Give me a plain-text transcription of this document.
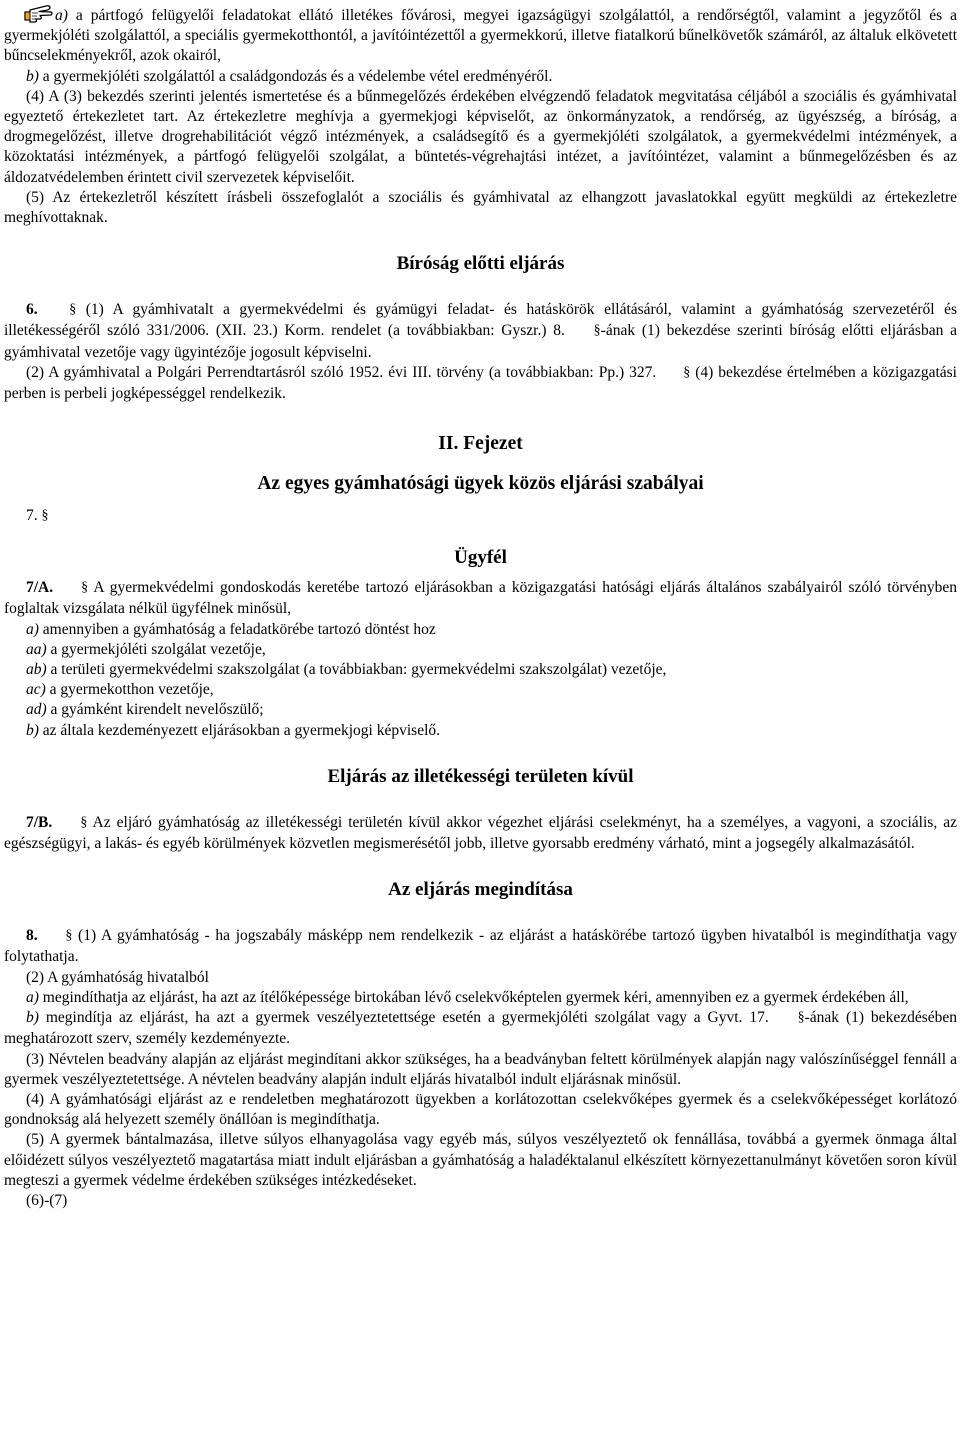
a) a pártfogó felügyelői feladatokat ellátó illetékes fővárosi, megyei igazságügyi szolgálattól, a rendőrségtől, valamint a jegyzőtől és a gyermekjóléti szolgálattól, a speciális gyermekotthontól, a javítóintézettől a gyermekkorú, illetve fiatalkorú bűnelkövetők számáról, az általuk elkövetett bűncselekményekről, azok okairól,

b) a gyermekjóléti szolgálattól a családgondozás és a védelembe vétel eredményéről.

(4) A (3) bekezdés szerinti jelentés ismertetése és a bűnmegelőzés érdekében elvégzendő feladatok megvitatása céljából a szociális és gyámhivatal egyeztető értekezletet tart. Az értekezletre meghívja a gyermekjogi képviselőt, az önkormányzatok, a rendőrség, az ügyészség, a bíróság, a drogmegelőzést, illetve drogrehabilitációt végző intézmények, a családsegítő és a gyermekjóléti szolgálatok, a gyermekvédelmi intézmények, a közoktatási intézmények, a pártfogó felügyelői szolgálat, a büntetés-végrehajtási intézet, a javítóintézet, valamint a bűnmegelőzésben és az áldozatvédelemben érintett civil szervezetek képviselőit.

(5) Az értekezletről készített írásbeli összefoglalót a szociális és gyámhivatal az elhangzott javaslatokkal együtt megküldi az értekezletre meghívottaknak.

Bíróság előtti eljárás

6. § (1) A gyámhivatalt a gyermekvédelmi és gyámügyi feladat- és hatáskörök ellátásáról, valamint a gyámhatóság szervezetéről és illetékességéről szóló 331/2006. (XII. 23.) Korm. rendelet (a továbbiakban: Gyszr.) 8. §-ának (1) bekezdése szerinti bíróság előtti eljárásban a gyámhivatal vezetője vagy ügyintézője jogosult képviselni.

(2) A gyámhivatal a Polgári Perrendtartásról szóló 1952. évi III. törvény (a továbbiakban: Pp.) 327. § (4) bekezdése értelmében a közigazgatási perben is perbeli jogképességgel rendelkezik.

II. Fejezet
Az egyes gyámhatósági ügyek közös eljárási szabályai
7. §
Ügyfél

7/A. § A gyermekvédelmi gondoskodás keretébe tartozó eljárásokban a közigazgatási hatósági eljárás általános szabályairól szóló törvényben foglaltak vizsgálata nélkül ügyfélnek minősül,

a) amennyiben a gyámhatóság a feladatkörébe tartozó döntést hoz

aa) a gyermekjóléti szolgálat vezetője,

ab) a területi gyermekvédelmi szakszolgálat (a továbbiakban: gyermekvédelmi szakszolgálat) vezetője,

ac) a gyermekotthon vezetője,

ad) a gyámként kirendelt nevelőszülő;

b) az általa kezdeményezett eljárásokban a gyermekjogi képviselő.

Eljárás az illetékességi területen kívül

7/B. § Az eljáró gyámhatóság az illetékességi területén kívül akkor végezhet eljárási cselekményt, ha a személyes, a vagyoni, a szociális, az egészségügyi, a lakás- és egyéb körülmények közvetlen megismerésétől jobb, illetve gyorsabb eredmény várható, mint a jogsegély alkalmazásától.

Az eljárás megindítása

8. § (1) A gyámhatóság - ha jogszabály másképp nem rendelkezik - az eljárást a hatáskörébe tartozó ügyben hivatalból is megindíthatja vagy folytathatja.

(2) A gyámhatóság hivatalból

a) megindíthatja az eljárást, ha azt az ítélőképessége birtokában lévő cselekvőképtelen gyermek kéri, amennyiben ez a gyermek érdekében áll,

b) megindítja az eljárást, ha azt a gyermek veszélyeztetettsége esetén a gyermekjóléti szolgálat vagy a Gyvt. 17. §-ának (1) bekezdésében meghatározott szerv, személy kezdeményezte.

(3) Névtelen beadvány alapján az eljárást megindítani akkor szükséges, ha a beadványban feltett körülmények alapján nagy valószínűséggel fennáll a gyermek veszélyeztetettsége. A névtelen beadvány alapján indult eljárás hivatalból indult eljárásnak minősül.

(4) A gyámhatósági eljárást az e rendeletben meghatározott ügyekben a korlátozottan cselekvőképes gyermek és a cselekvőképességet korlátozó gondnokság alá helyezett személy önállóan is megindíthatja.

(5) A gyermek bántalmazása, illetve súlyos elhanyagolása vagy egyéb más, súlyos veszélyeztető ok fennállása, továbbá a gyermek önmaga által előidézett súlyos veszélyeztető magatartása miatt indult eljárásban a gyámhatóság a haladéktalanul elkészített környezettanulmányt követően soron kívül megteszi a gyermek védelme érdekében szükséges intézkedéseket.

(6)-(7)
